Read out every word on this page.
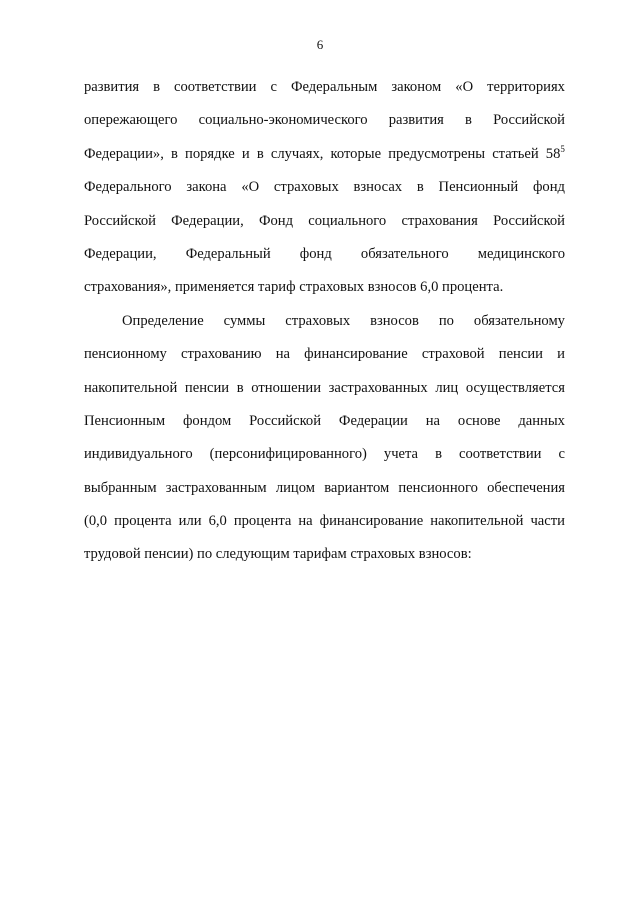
6
развития в соответствии с Федеральным законом «О территориях
опережающего социально-экономического развития в Российской
Федерации», в порядке и в случаях, которые предусмотрены статьей $58^5$
Федерального закона «О страховых взносах в Пенсионный фонд
Российской Федерации, Фонд социального страхования Российской
Федерации, Федеральный фонд обязательного медицинского
страхования», применяется тариф страховых взносов 6,0 процента.
Определение суммы страховых взносов по обязательному
пенсионному страхованию на финансирование страховой пенсии и
накопительной пенсии в отношении застрахованных лиц осуществляется
Пенсионным фондом Российской Федерации на основе данных
индивидуального (персонифицированного) учета в соответствии с
выбранным застрахованным лицом вариантом пенсионного обеспечения
(0,0 процента или 6,0 процента на финансирование накопительной части
трудовой пенсии) по следующим тарифам страховых взносов:
